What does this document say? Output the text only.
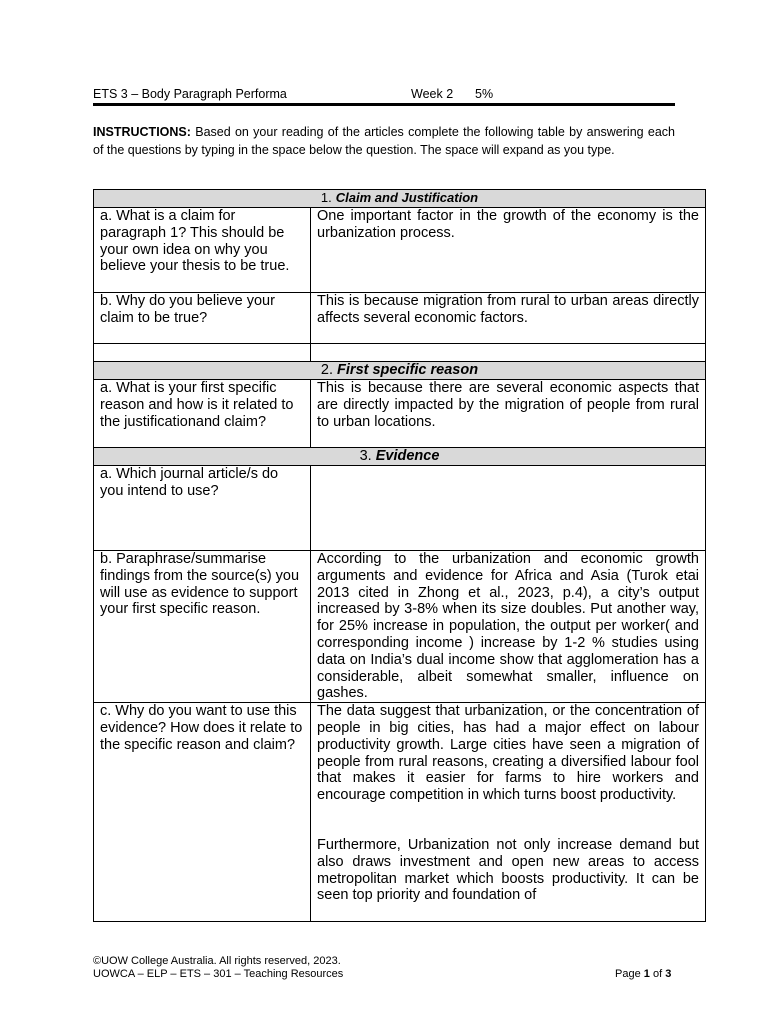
ETS 3 – Body Paragraph Performa	Week 2 5%
INSTRUCTIONS: Based on your reading of the articles complete the following table by answering each of the questions by typing in the space below the question. The space will expand as you type.
1. Claim and Justification	
a. What is a claim for paragraph 1? This should be your own idea on why you believe your thesis to be true.	One important factor in the growth of the economy is the urbanization process.
b. Why do you believe your claim to be true?	This is because migration from rural to urban areas directly affects several economic factors.

2. First specific reason	
a. What is your first specific reason and how is it related to the justificationand claim?	This is because there are several economic aspects that are directly impacted by the migration of people from rural to urban locations.
3. Evidence	
a. Which journal article/s do you intend to use?	
b. Paraphrase/summarise findings from the source(s) you will use as evidence to support your first specific reason.	According to the urbanization and economic growth arguments and evidence for Africa and Asia (Turok etai 2013 cited in Zhong et al., 2023, p.4), a city’s output increased by 3-8% when its size doubles. Put another way, for 25% increase in population, the output per worker( and corresponding income ) increase by 1-2 % studies using data on India’s dual income show that agglomeration has a considerable, albeit somewhat smaller, influence on gashes.
c. Why do you want to use this evidence? How does it relate to the specific reason and claim?	The data suggest that urbanization, or the concentration of people in big cities, has had a major effect on labour productivity growth. Large cities have seen a migration of people from rural reasons, creating a diversified labour fool that makes it easier for farms to hire workers and encourage competition in which turns boost productivity.
Furthermore, Urbanization not only increase demand but also draws investment and open new areas to access metropolitan market which boosts productivity. It can be seen top priority and foundation of
©UOW College Australia. All rights reserved, 2023.
UOWCA – ELP – ETS – 301 – Teaching Resources	Page 1 of 3
